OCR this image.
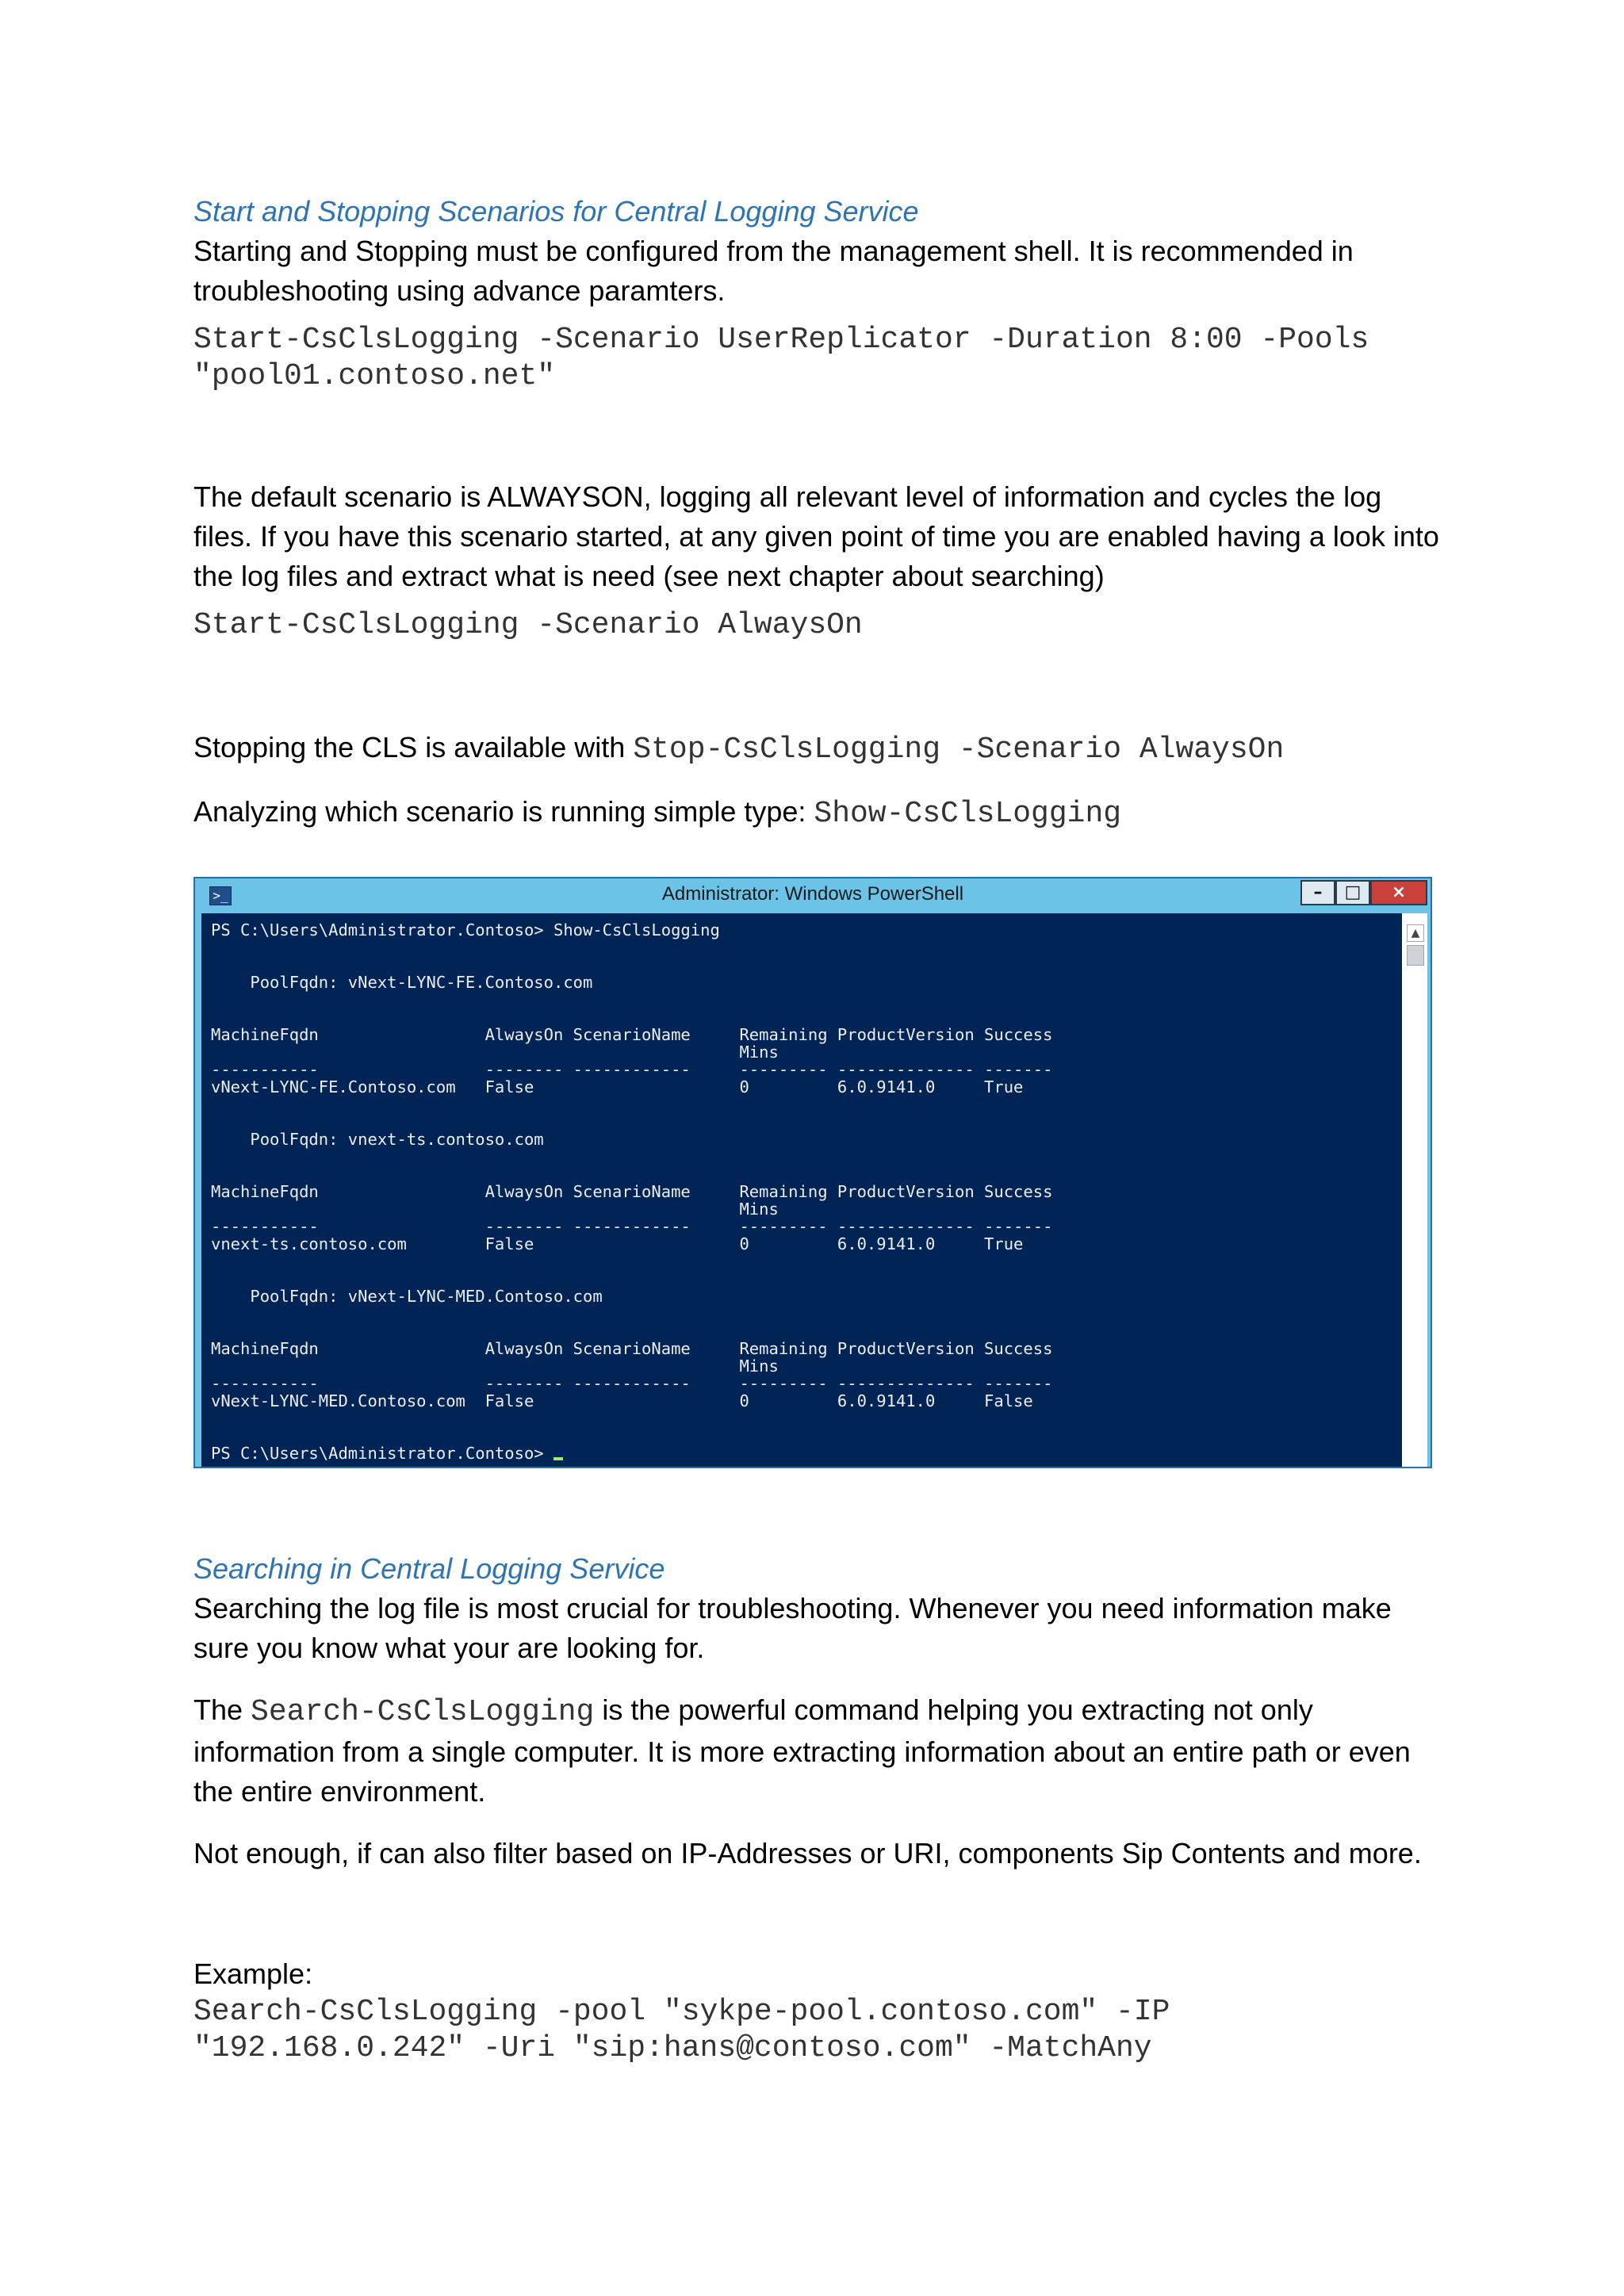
Start and Stopping Scenarios for Central Logging Service

Starting and Stopping must be configured from the management shell. It is recommended in troubleshooting using advance paramters.

Start-CsClsLogging -Scenario UserReplicator -Duration 8:00 -Pools
"pool01.contoso.net"

The default scenario is ALWAYSON, logging all relevant level of information and cycles the log files. If you have this scenario started, at any given point of time you are enabled having a look into the log files and extract what is need (see next chapter about searching)

Start-CsClsLogging -Scenario AlwaysOn

Stopping the CLS is available with Stop-CsClsLogging -Scenario AlwaysOn

Analyzing which scenario is running simple type: Show-CsClsLogging

>_	Administrator: Windows PowerShell	–	□	×
PS C:\Users\Administrator.Contoso> Show-CsClsLogging

PoolFqdn: vNext-LYNC-FE.Contoso.com

MachineFqdn                 AlwaysOn ScenarioName     Remaining ProductVersion Success
Mins
-----------                 -------- ------------     --------- -------------- -------
vNext-LYNC-FE.Contoso.com   False                     0         6.0.9141.0     True

PoolFqdn: vnext-ts.contoso.com

MachineFqdn                 AlwaysOn ScenarioName     Remaining ProductVersion Success
Mins
-----------                 -------- ------------     --------- -------------- -------
vnext-ts.contoso.com        False                     0         6.0.9141.0     True

PoolFqdn: vNext-LYNC-MED.Contoso.com

MachineFqdn                 AlwaysOn ScenarioName     Remaining ProductVersion Success
Mins
-----------                 -------- ------------     --------- -------------- -------
vNext-LYNC-MED.Contoso.com  False                     0         6.0.9141.0     False

PS C:\Users\Administrator.Contoso>
▲

Searching in Central Logging Service

Searching the log file is most crucial for troubleshooting. Whenever you need information make sure you know what your are looking for.

The Search-CsClsLogging is the powerful command helping you extracting not only information from a single computer. It is more extracting information about an entire path or even the entire environment.

Not enough, if can also filter based on IP-Addresses or URI, components Sip Contents and more.

Example:

Search-CsClsLogging -pool "sykpe-pool.contoso.com" -IP
"192.168.0.242" -Uri "sip:hans@contoso.com" -MatchAny
